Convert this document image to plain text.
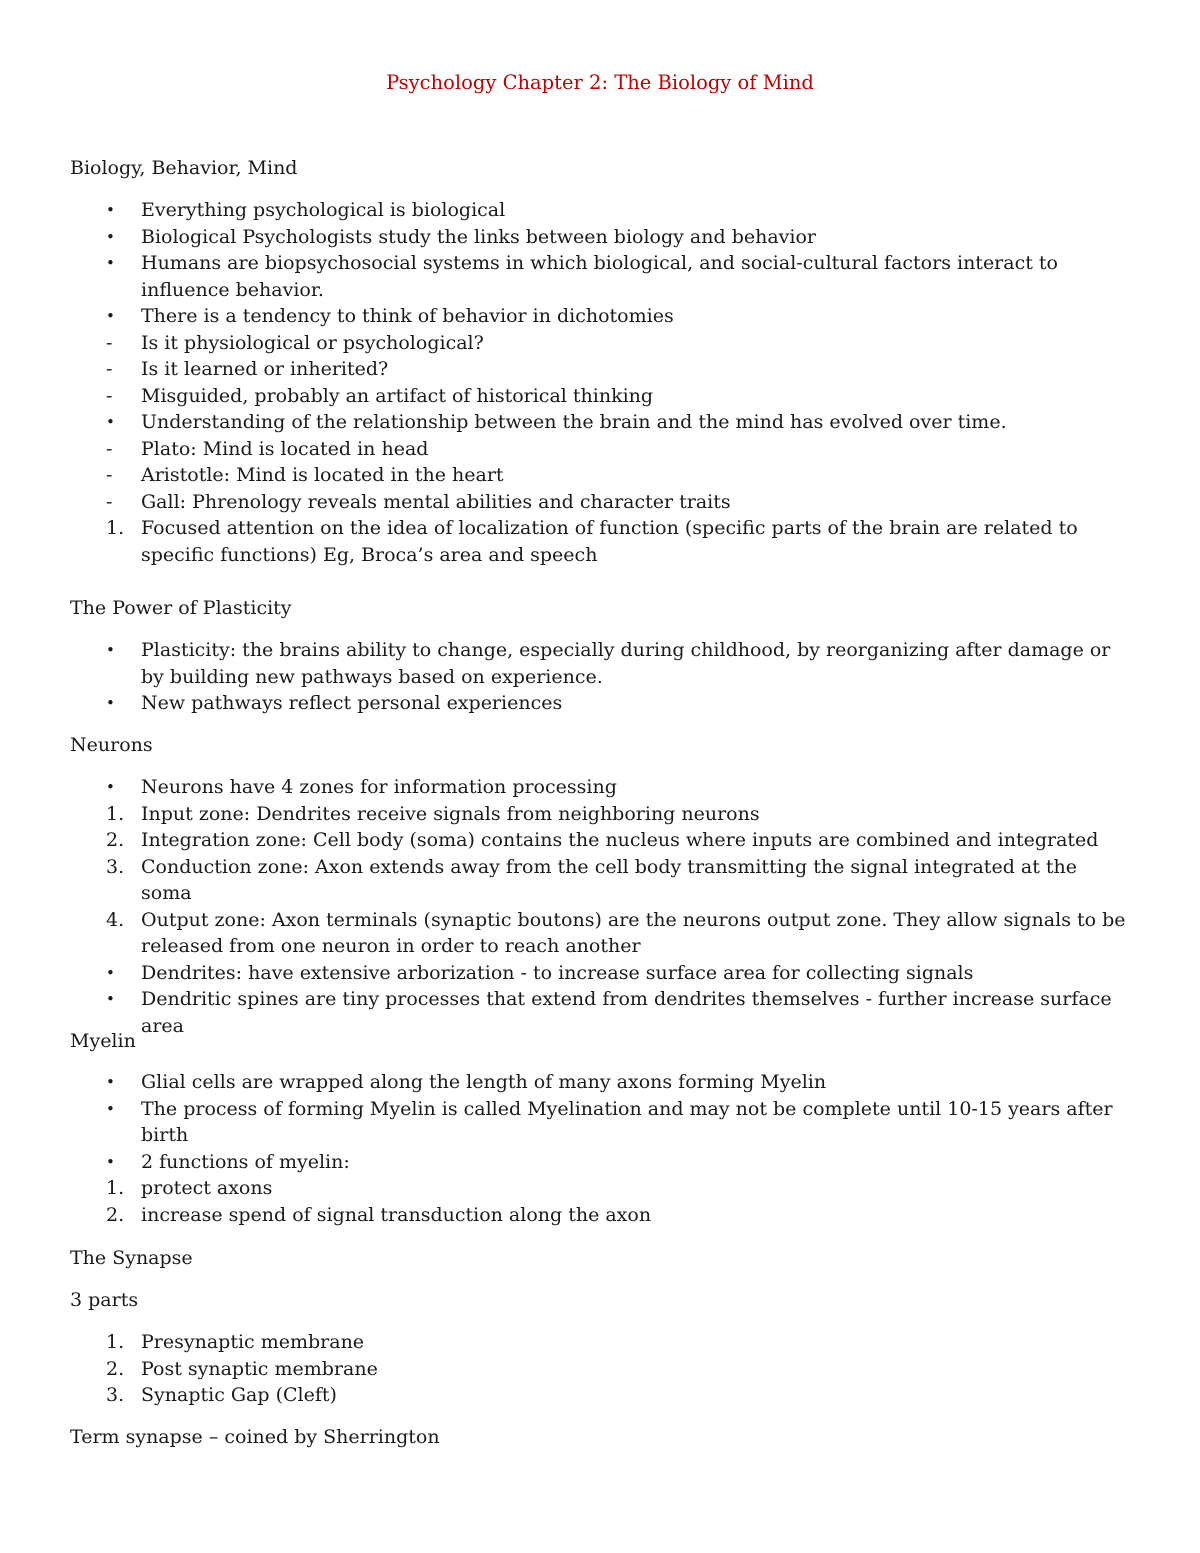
Psychology Chapter 2: The Biology of Mind
Biology, Behavior, Mind
•	Everything psychological is biological
•	Biological Psychologists study the links between biology and behavior
•	Humans are biopsychosocial systems in which biological, and social-cultural factors interact to influence behavior.
•	There is a tendency to think of behavior in dichotomies
-	Is it physiological or psychological?
-	Is it learned or inherited?
-	Misguided, probably an artifact of historical thinking
•	Understanding of the relationship between the brain and the mind has evolved over time.
-	Plato: Mind is located in head
-	Aristotle: Mind is located in the heart
-	Gall: Phrenology reveals mental abilities and character traits
1. Focused attention on the idea of localization of function (specific parts of the brain are related to specific functions) Eg, Broca’s area and speech
The Power of Plasticity
•	Plasticity: the brains ability to change, especially during childhood, by reorganizing after damage or by building new pathways based on experience.
•	New pathways reflect personal experiences
Neurons
•	Neurons have 4 zones for information processing
1. Input zone: Dendrites receive signals from neighboring neurons
2. Integration zone: Cell body (soma) contains the nucleus where inputs are combined and integrated
3. Conduction zone: Axon extends away from the cell body transmitting the signal integrated at the soma
4. Output zone: Axon terminals (synaptic boutons) are the neurons output zone. They allow signals to be released from one neuron in order to reach another
•	Dendrites: have extensive arborization - to increase surface area for collecting signals
•	Dendritic spines are tiny processes that extend from dendrites themselves - further increase surface area
Myelin
•	Glial cells are wrapped along the length of many axons forming Myelin
•	The process of forming Myelin is called Myelination and may not be complete until 10-15 years after birth
•	2 functions of myelin:
1. protect axons
2. increase spend of signal transduction along the axon
The Synapse
3 parts
1. Presynaptic membrane
2. Post synaptic membrane
3. Synaptic Gap (Cleft)
Term synapse – coined by Sherrington
